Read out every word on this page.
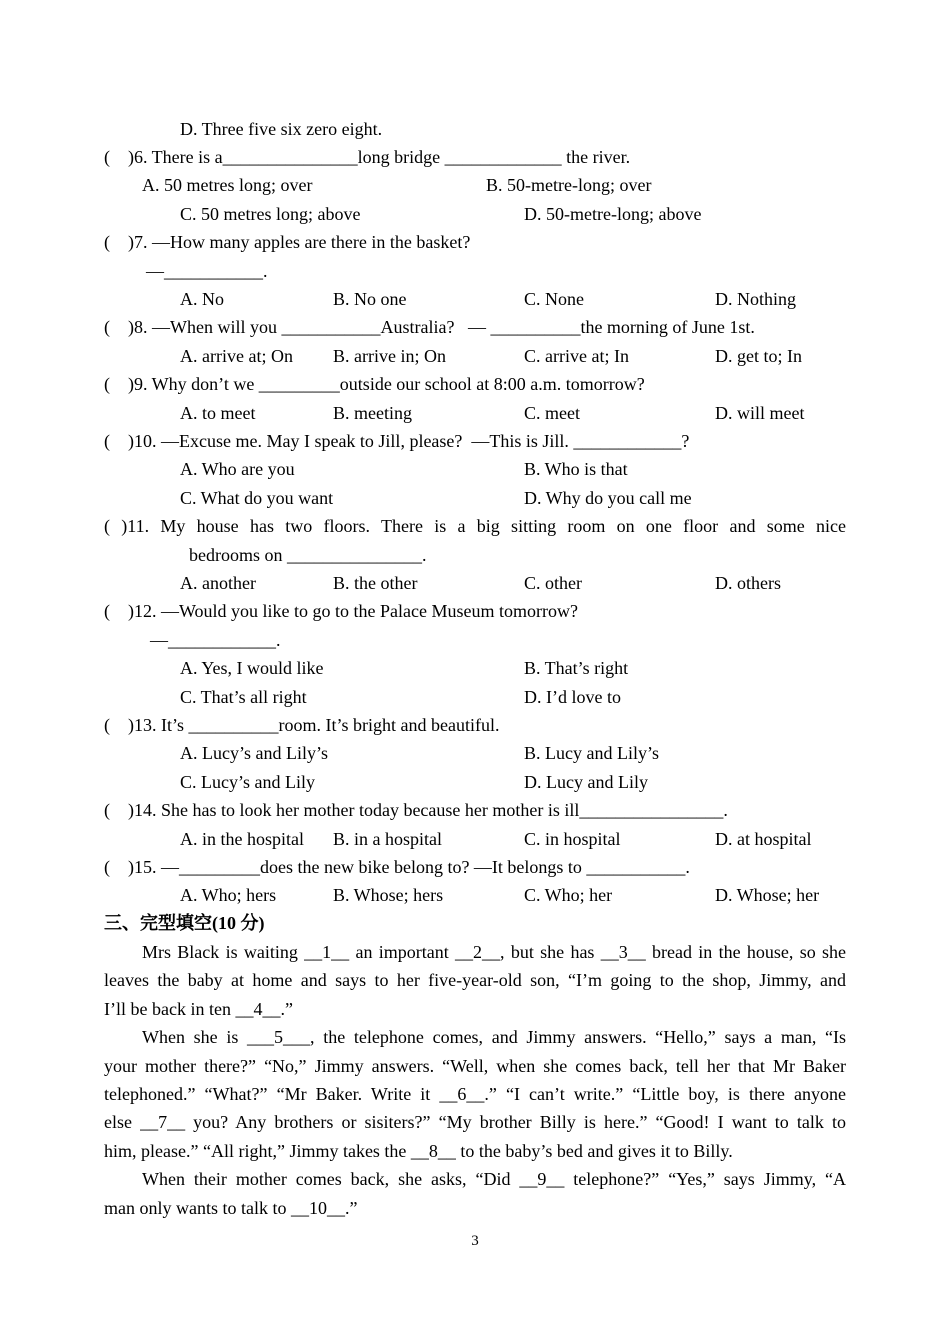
D. Three five six zero eight.
(    )6. There is a_______________long bridge _____________ the river.
A. 50 metres long; over	B. 50-metre-long; over
C. 50 metres long; above	D. 50-metre-long; above
(    )7. —How many apples are there in the basket?
—___________.
A. No	B. No one	C. None	D. Nothing
(    )8. —When will you ___________Australia?   — __________the morning of June 1st.
A. arrive at; On B. arrive in; On	C. arrive at; In	D. get to; In
(    )9. Why don’t we _________outside our school at 8:00 a.m. tomorrow?
A. to meet	B. meeting	C. meet	D. will meet
(    )10. —Excuse me. May I speak to Jill, please?  —This is Jill. ____________?
A. Who are you	B. Who is that
C. What do you want	D. Why do you call me
bedrooms on _______________.
A. another	B. the other	C. other	D. others
(    )12. —Would you like to go to the Palace Museum tomorrow?
—____________.
A. Yes, I would like	B. That’s right
C. That’s all right	D. I’d love to
(    )13. It’s __________room. It’s bright and beautiful.
A. Lucy’s and Lily’s	B. Lucy and Lily’s
C. Lucy’s and Lily	D. Lucy and Lily
(    )14. She has to look her mother today because her mother is ill________________.
A. in the hospital B. in a hospital	C. in hospital	D. at hospital
(    )15. —_________does the new bike belong to? —It belongs to ___________.
A. Who; hers	B. Whose; hers	C. Who; her	D. Whose; her
( )11. My house has two floors. There is a big sitting room on one floor and some nice
三、完型填空(10 分)
Mrs Black is waiting __1__ an important __2__, but she has __3__ bread in the house, so she
leaves the baby at home and says to her five-year-old son, “I’m going to the shop, Jimmy, and
I’ll be back in ten __4__.”
When she is ___5___, the telephone comes, and Jimmy answers. “Hello,” says a man, “Is
your mother there?” “No,” Jimmy answers. “Well, when she comes back, tell her that Mr Baker
telephoned.” “What?” “Mr Baker. Write it __6__.” “I can’t write.” “Little boy, is there anyone
else __7__ you? Any brothers or sisiters?” “My brother Billy is here.” “Good! I want to talk to
him, please.” “All right,” Jimmy takes the __8__ to the baby’s bed and gives it to Billy.
When their mother comes back, she asks, “Did __9__ telephone?” “Yes,” says Jimmy, “A
man only wants to talk to __10__.”
3
